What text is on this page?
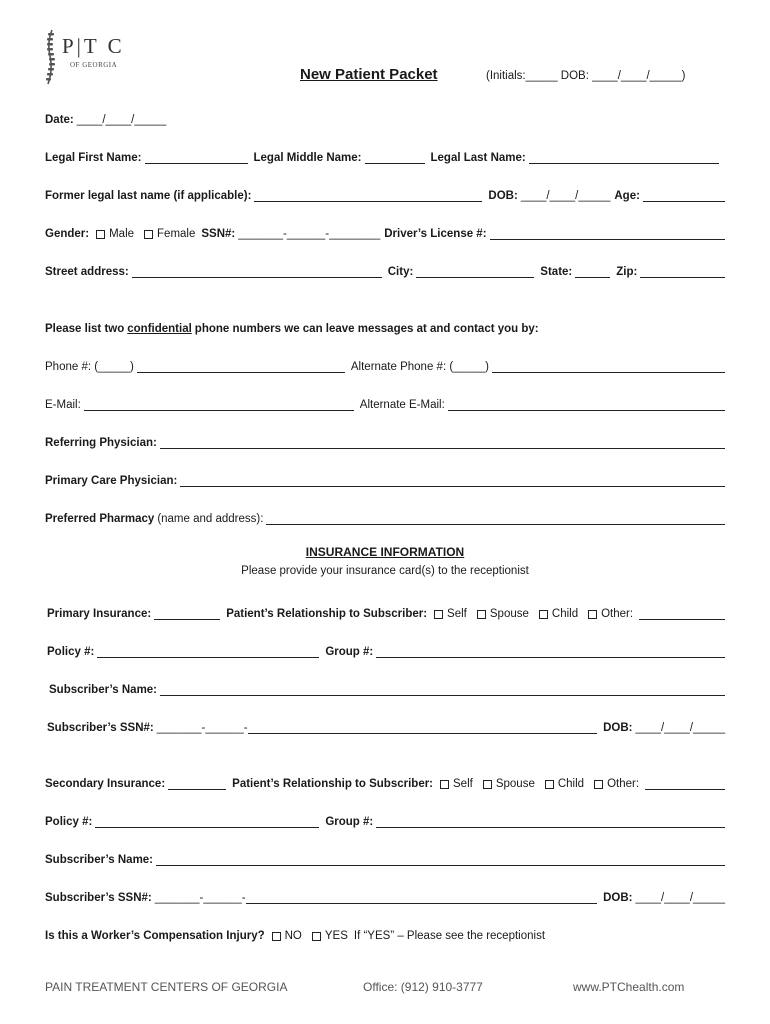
P|T C
OF GEORGIA
New Patient Packet	(Initials:_____ DOB: ____/____/_____)
Date: ____/____/_____
Legal First Name:	Legal Middle Name:	Legal Last Name:
Former legal last name (if applicable):	DOB: ____/____/_____ Age:
Gender: Male	Female SSN#: _______-______-________ Driver’s License #:
Street address:	City:	State:	Zip:
Please list two confidential phone numbers we can leave messages at and contact you by:
Phone #: (_____)	Alternate Phone #: (_____)
E-Mail:	Alternate E-Mail:
Referring Physician:
Primary Care Physician:
Preferred Pharmacy (name and address):
INSURANCE INFORMATION
Please provide your insurance card(s) to the receptionist
Primary Insurance:	Patient’s Relationship to Subscriber: Self	Spouse	Child	Other:
Policy #:	Group #:
Subscriber’s Name:
Subscriber’s SSN#: _______-______-	DOB: ____/____/_____
Secondary Insurance:	Patient’s Relationship to Subscriber: Self	Spouse	Child	Other:
Policy #:	Group #:
Subscriber’s Name:
Subscriber’s SSN#: _______-______-	DOB: ____/____/_____
Is this a Worker’s Compensation Injury? NO	YES If “YES” – Please see the receptionist
PAIN TREATMENT CENTERS OF GEORGIA	Office: (912) 910-3777	www.PTChealth.com
